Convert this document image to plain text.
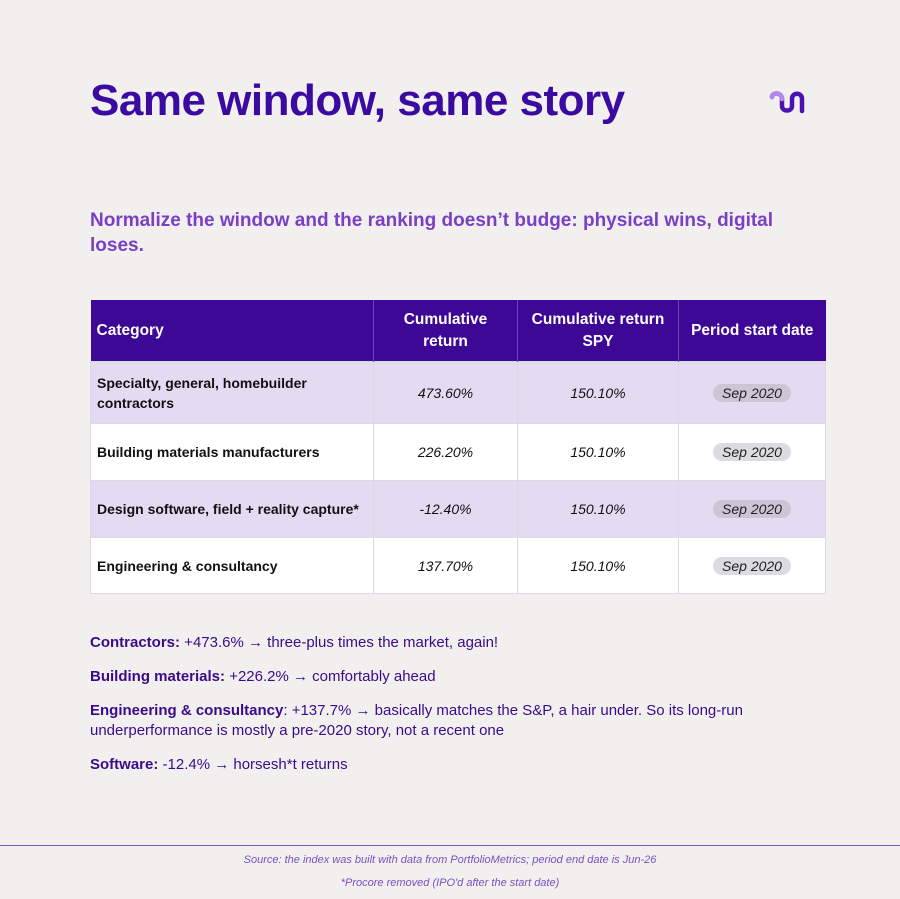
Same window, same story

Normalize the window and the ranking doesn’t budge: physical wins, digital loses.

Category	Cumulative return	Cumulative return SPY	Period start date
Specialty, general, homebuilder contractors	473.60%	150.10%	Sep 2020
Building materials manufacturers	226.20%	150.10%	Sep 2020
Design software, field + reality capture*	-12.40%	150.10%	Sep 2020
Engineering & consultancy	137.70%	150.10%	Sep 2020

Contractors: +473.6% → three-plus times the market, again!

Building materials: +226.2% → comfortably ahead

Engineering & consultancy: +137.7% → basically matches the S&P, a hair under. So its long-run underperformance is mostly a pre-2020 story, not a recent one

Software: -12.4% → horsesh*t returns

Source: the index was built with data from PortfolioMetrics; period end date is Jun-26

*Procore removed (IPO'd after the start date)
